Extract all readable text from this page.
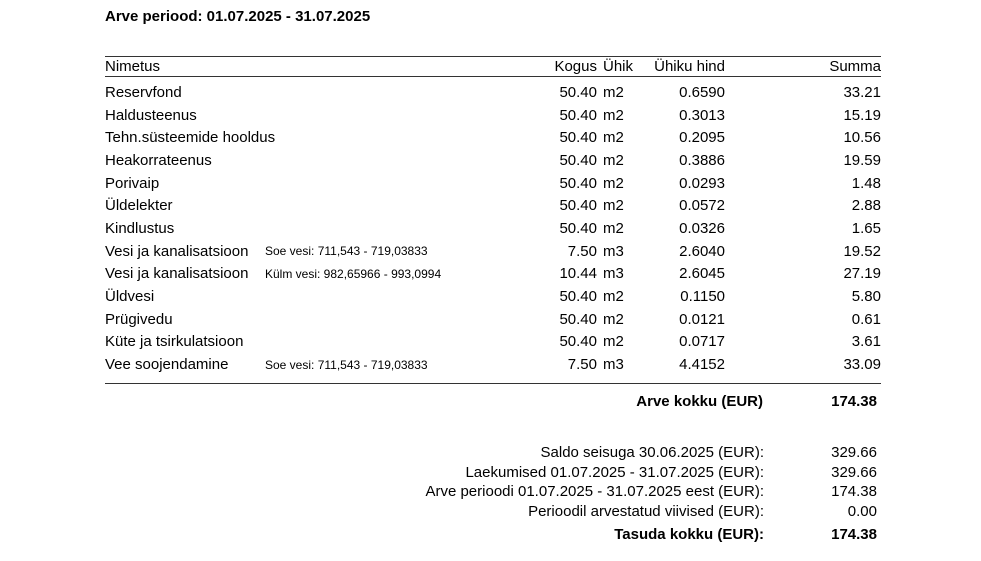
Arve periood: 01.07.2025 - 31.07.2025
Nimetus	Kogus Ühik	Ühiku hind	Summa
Reservfond	50.40 m2	0.6590	33.21
Haldusteenus	50.40 m2	0.3013	15.19
Tehn.süsteemide hooldus	50.40 m2	0.2095	10.56
Heakorrateenus	50.40 m2	0.3886	19.59
Porivaip	50.40 m2	0.0293	1.48
Üldelekter	50.40 m2	0.0572	2.88
Kindlustus	50.40 m2	0.0326	1.65
Vesi ja kanalisatsioon	Soe vesi: 711,543 - 719,03833	7.50 m3	2.6040	19.52
Vesi ja kanalisatsioon	Külm vesi: 982,65966 - 993,0994	10.44 m3	2.6045	27.19
Üldvesi	50.40 m2	0.1150	5.80
Prügivedu	50.40 m2	0.0121	0.61
Küte ja tsirkulatsioon	50.40 m2	0.0717	3.61
Vee soojendamine	Soe vesi: 711,543 - 719,03833	7.50 m3	4.4152	33.09
Arve kokku (EUR)	174.38
Saldo seisuga 30.06.2025 (EUR):	329.66
Laekumised 01.07.2025 - 31.07.2025 (EUR):	329.66
Arve perioodi 01.07.2025 - 31.07.2025 eest (EUR):	174.38
Perioodil arvestatud viivised (EUR):	0.00
Tasuda kokku (EUR):	174.38
